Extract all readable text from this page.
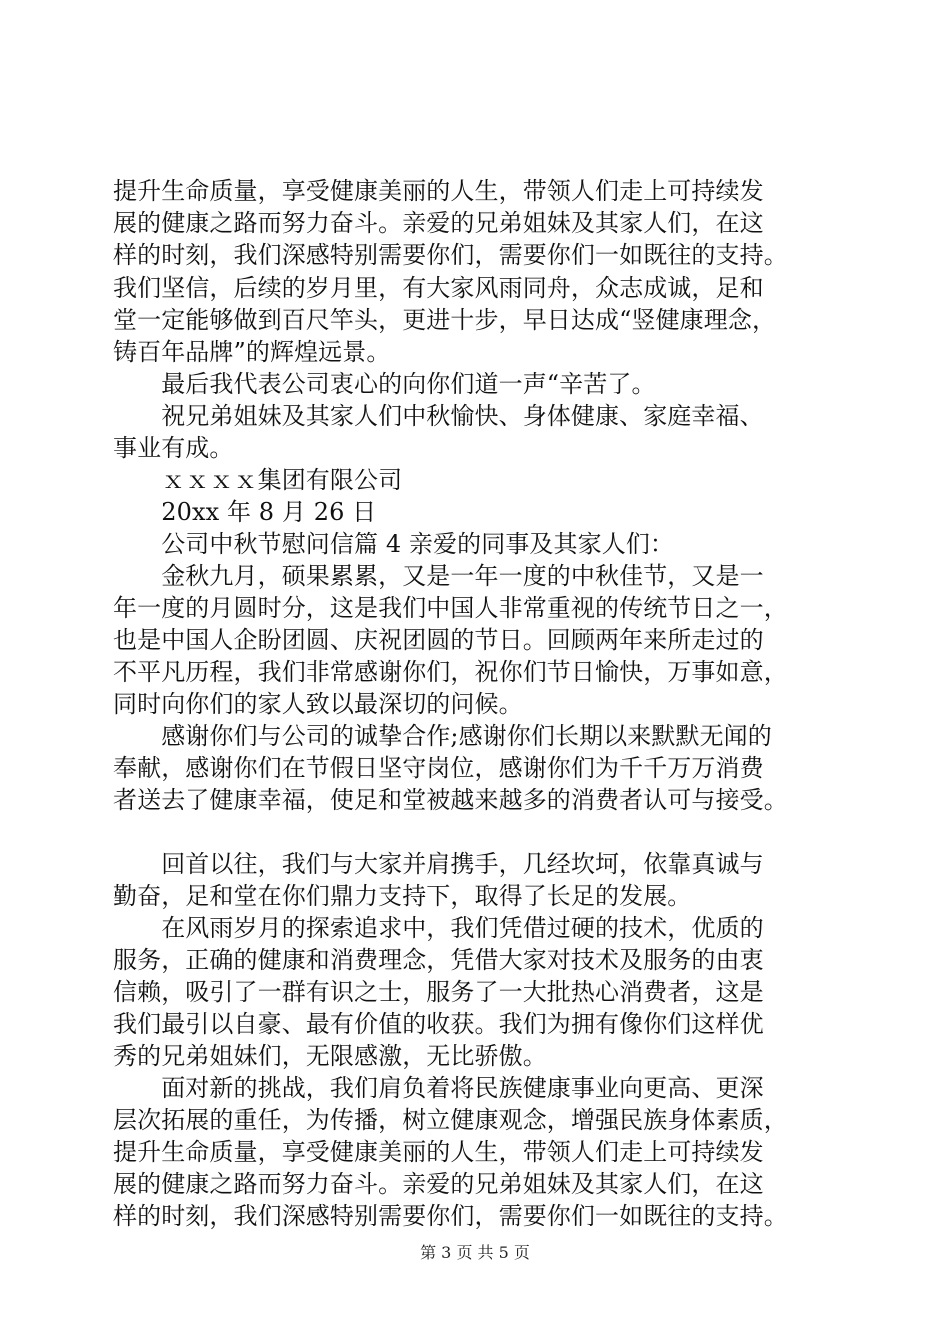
提升生命质量，享受健康美丽的人生，带领人们走上可持续发
展的健康之路而努力奋斗。亲爱的兄弟姐妹及其家人们，在这
样的时刻，我们深感特别需要你们，需要你们一如既往的支持。
我们坚信，后续的岁月里，有大家风雨同舟，众志成诚，足和
堂一定能够做到百尺竿头，更进十步，早日达成“竖健康理念，
铸百年品牌”的辉煌远景。
　　最后我代表公司衷心的向你们道一声“辛苦了。
　　祝兄弟姐妹及其家人们中秋愉快、身体健康、家庭幸福、
事业有成。
　　ｘｘｘｘ集团有限公司
　　20xx 年 8 月 26 日
　　公司中秋节慰问信篇 4 亲爱的同事及其家人们：
　　金秋九月，硕果累累，又是一年一度的中秋佳节，又是一
年一度的月圆时分，这是我们中国人非常重视的传统节日之一，
也是中国人企盼团圆、庆祝团圆的节日。回顾两年来所走过的
不平凡历程，我们非常感谢你们，祝你们节日愉快，万事如意，
同时向你们的家人致以最深切的问候。
　　感谢你们与公司的诚挚合作;感谢你们长期以来默默无闻的
奉献，感谢你们在节假日坚守岗位，感谢你们为千千万万消费
者送去了健康幸福，使足和堂被越来越多的消费者认可与接受。
　　回首以往，我们与大家并肩携手，几经坎坷，依靠真诚与
勤奋，足和堂在你们鼎力支持下，取得了长足的发展。
　　在风雨岁月的探索追求中，我们凭借过硬的技术，优质的
服务，正确的健康和消费理念，凭借大家对技术及服务的由衷
信赖，吸引了一群有识之士，服务了一大批热心消费者，这是
我们最引以自豪、最有价值的收获。我们为拥有像你们这样优
秀的兄弟姐妹们，无限感激，无比骄傲。
　　面对新的挑战，我们肩负着将民族健康事业向更高、更深
层次拓展的重任，为传播，树立健康观念，增强民族身体素质，
提升生命质量，享受健康美丽的人生，带领人们走上可持续发
展的健康之路而努力奋斗。亲爱的兄弟姐妹及其家人们，在这
样的时刻，我们深感特别需要你们，需要你们一如既往的支持。
第 3 页 共 5 页
